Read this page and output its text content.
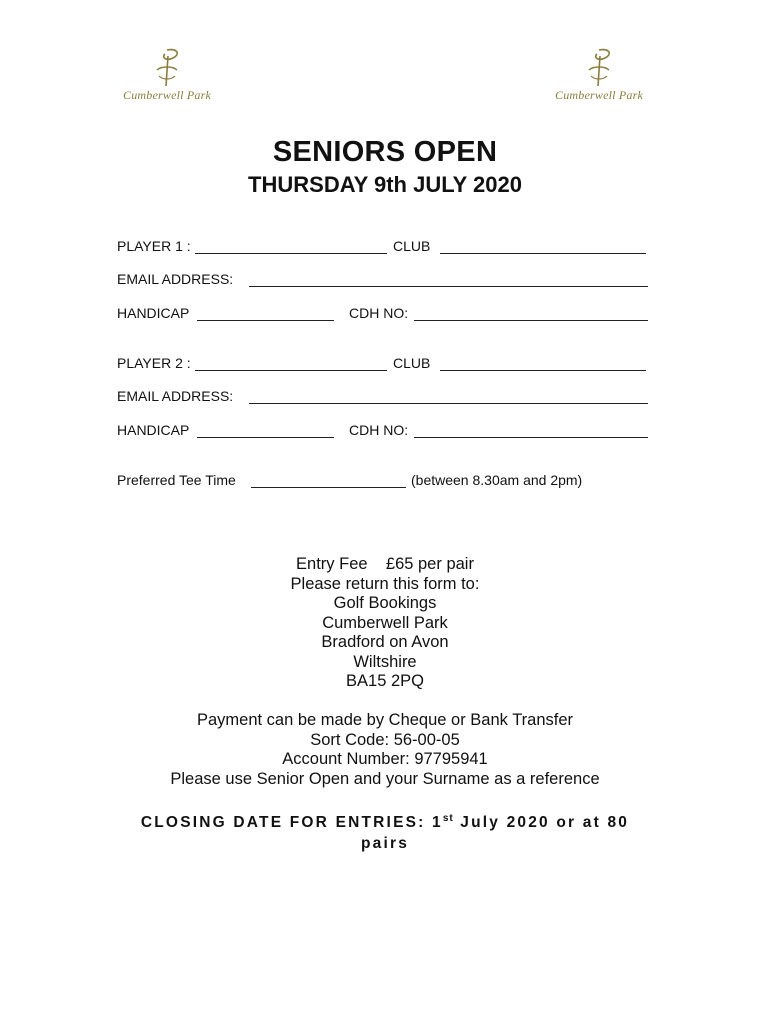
Cumberwell Park	Cumberwell Park
SENIORS OPEN
THURSDAY 9th JULY 2020
PLAYER 1 :	CLUB
EMAIL ADDRESS:
HANDICAP	CDH NO:
PLAYER 2 :	CLUB
EMAIL ADDRESS:
HANDICAP	CDH NO:
Preferred Tee Time	(between 8.30am and 2pm)
Entry Fee    £65 per pair
Please return this form to:
Golf Bookings
Cumberwell Park
Bradford on Avon
Wiltshire
BA15 2PQ
Payment can be made by Cheque or Bank Transfer
Sort Code: 56-00-05
Account Number: 97795941
Please use Senior Open and your Surname as a reference
CLOSING DATE FOR ENTRIES: 1st July 2020 or at 80 pairs
